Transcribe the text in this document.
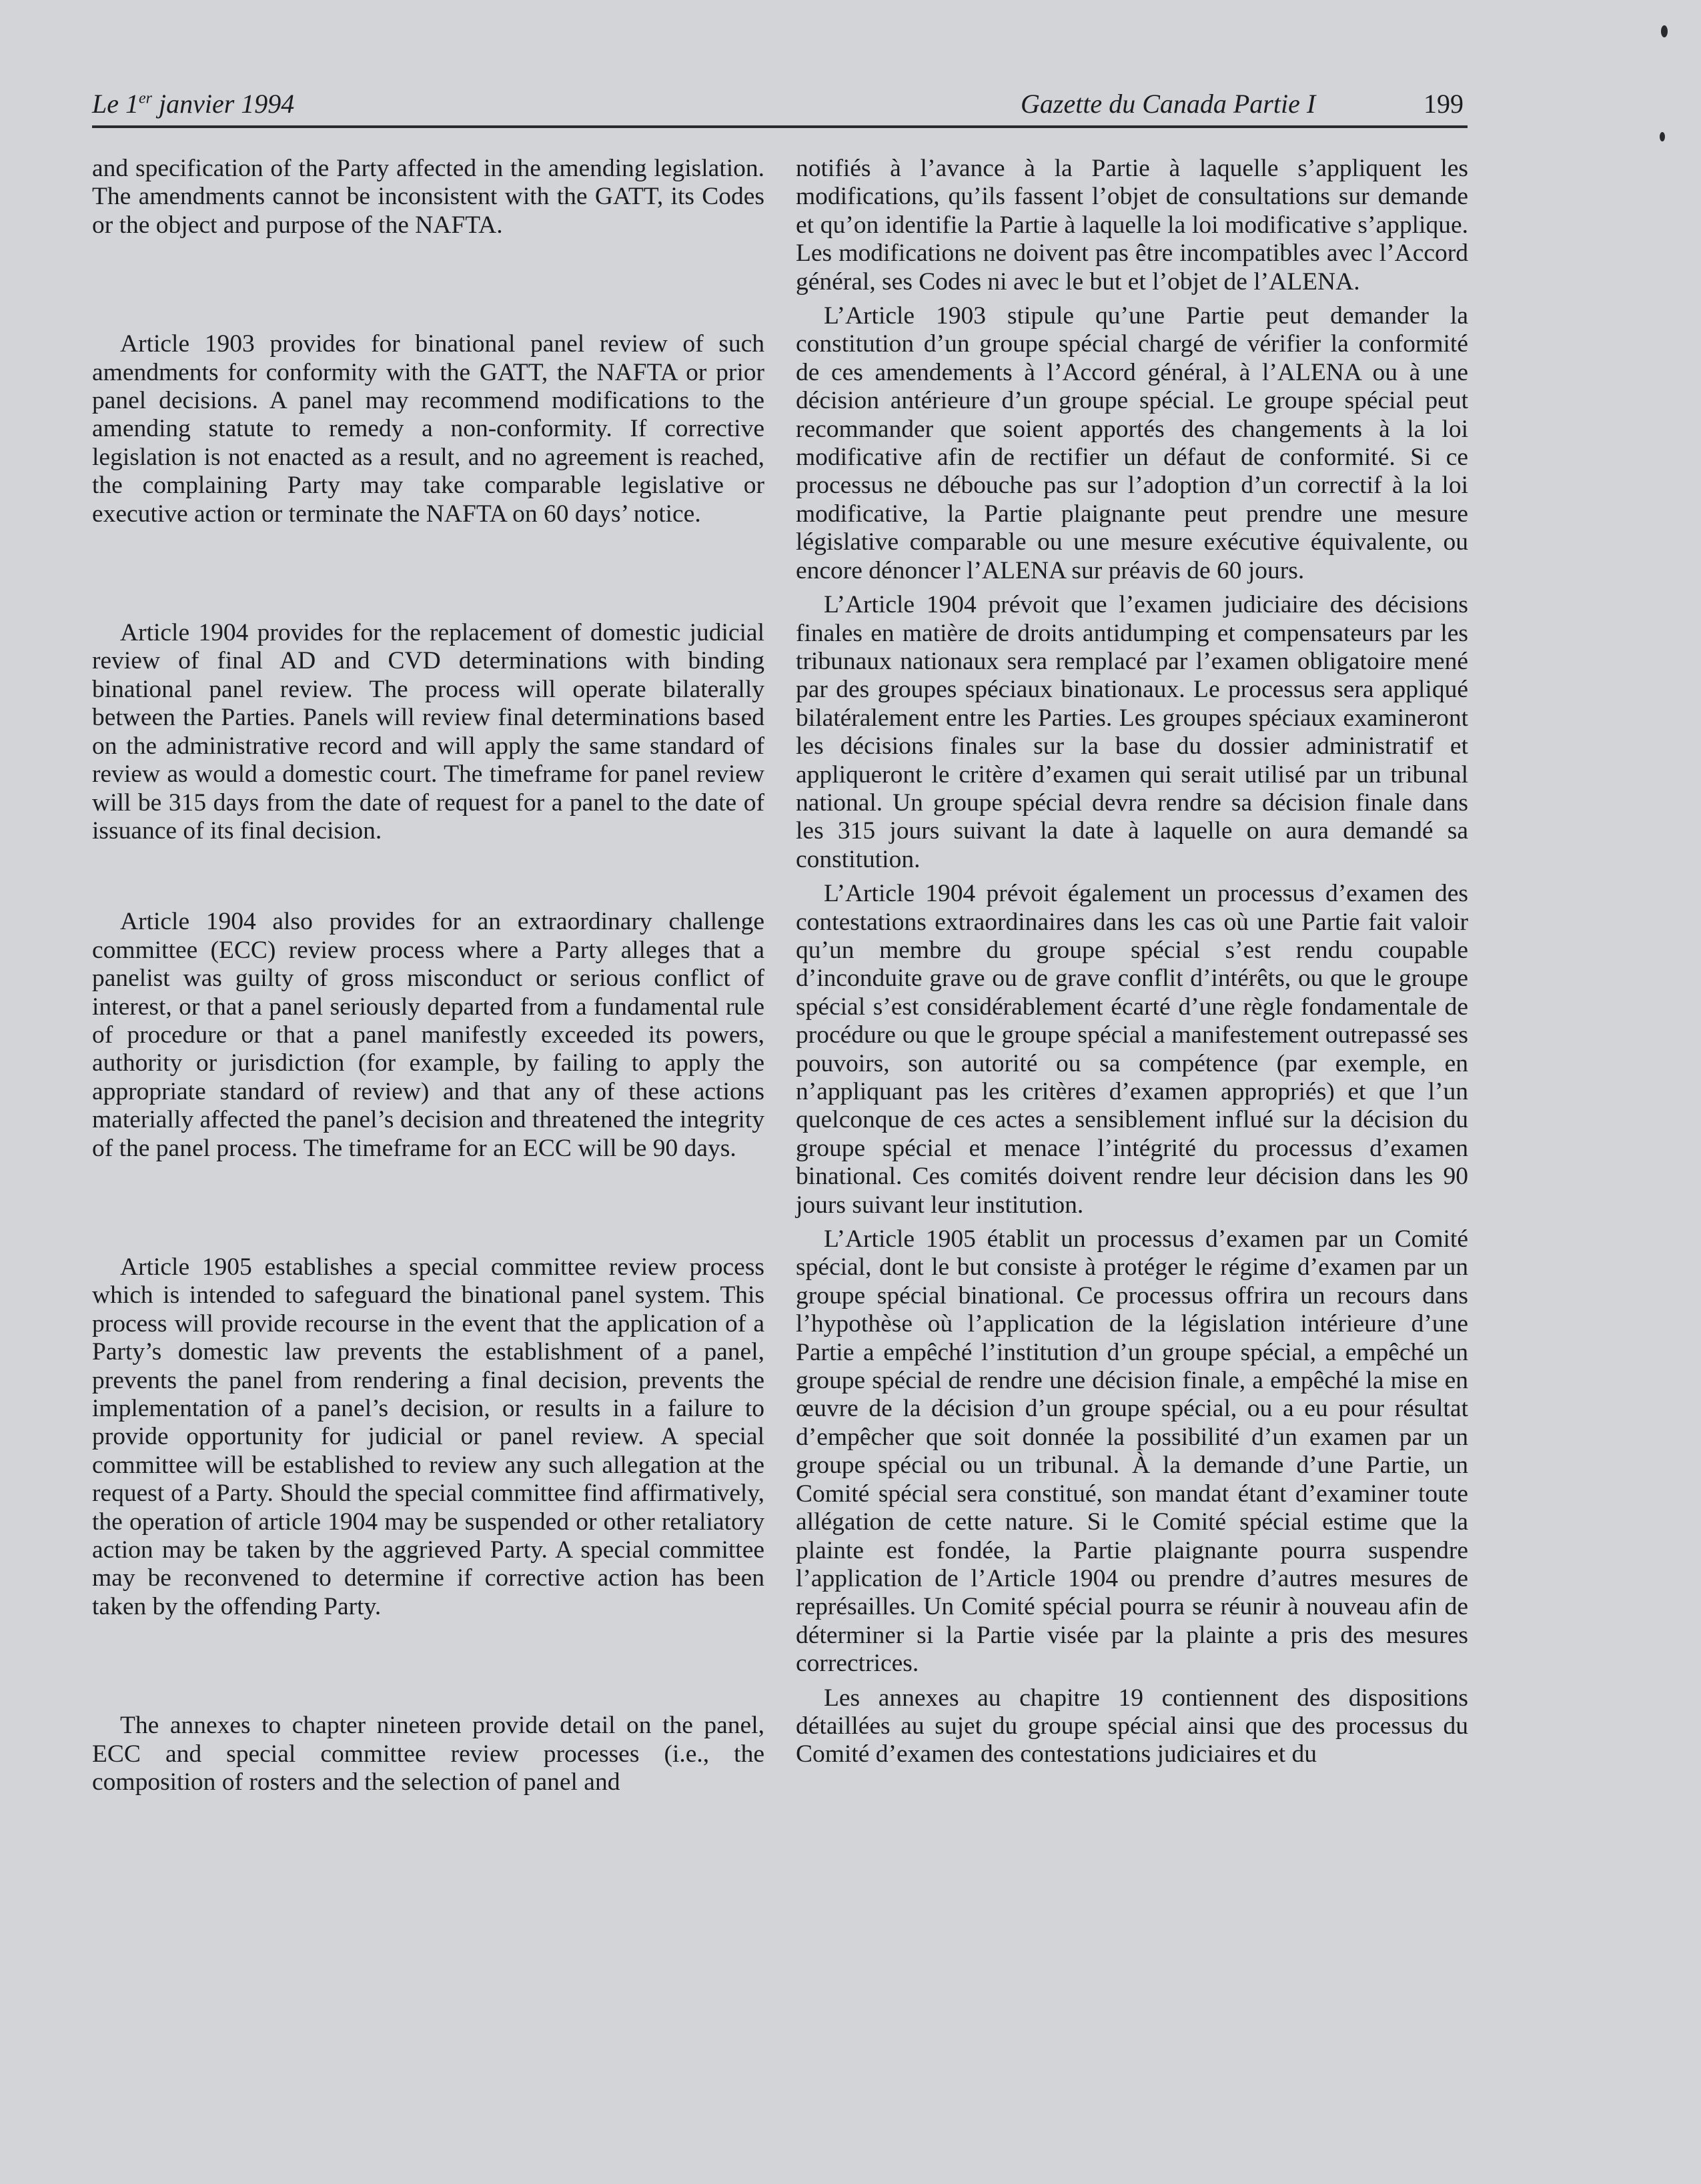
Le 1er janvier 1994	Gazette du Canada Partie I	199

and specification of the Party affected in the amending legislation. The amendments cannot be inconsistent with the GATT, its Codes or the object and purpose of the NAFTA.

Article 1903 provides for binational panel review of such amendments for conformity with the GATT, the NAFTA or prior panel decisions. A panel may recommend modifications to the amending statute to remedy a non-conformity. If corrective legislation is not enacted as a result, and no agreement is reached, the complaining Party may take comparable legislative or executive action or terminate the NAFTA on 60 days’ notice.

Article 1904 provides for the replacement of domestic judicial review of final AD and CVD determinations with binding binational panel review. The process will operate bilaterally between the Parties. Panels will review final determinations based on the administrative record and will apply the same standard of review as would a domestic court. The timeframe for panel review will be 315 days from the date of request for a panel to the date of issuance of its final decision.

Article 1904 also provides for an extraordinary challenge committee (ECC) review process where a Party alleges that a panelist was guilty of gross misconduct or serious conflict of interest, or that a panel seriously departed from a fundamental rule of procedure or that a panel manifestly exceeded its powers, authority or jurisdiction (for example, by failing to apply the appropriate standard of review) and that any of these actions materially affected the panel’s decision and threatened the integrity of the panel process. The timeframe for an ECC will be 90 days.

Article 1905 establishes a special committee review process which is intended to safeguard the binational panel system. This process will provide recourse in the event that the application of a Party’s domestic law prevents the establishment of a panel, prevents the panel from rendering a final decision, prevents the implementation of a panel’s decision, or results in a failure to provide opportunity for judicial or panel review. A special committee will be established to review any such allegation at the request of a Party. Should the special committee find affirmatively, the operation of article 1904 may be suspended or other retaliatory action may be taken by the aggrieved Party. A special committee may be reconvened to determine if corrective action has been taken by the offending Party.

The annexes to chapter nineteen provide detail on the panel, ECC and special committee review processes (i.e., the composition of rosters and the selection of panel and

notifiés à l’avance à la Partie à laquelle s’appliquent les modifications, qu’ils fassent l’objet de consultations sur demande et qu’on identifie la Partie à laquelle la loi modificative s’applique. Les modifications ne doivent pas être incompatibles avec l’Accord général, ses Codes ni avec le but et l’objet de l’ALENA.

L’Article 1903 stipule qu’une Partie peut demander la constitution d’un groupe spécial chargé de vérifier la conformité de ces amendements à l’Accord général, à l’ALENA ou à une décision antérieure d’un groupe spécial. Le groupe spécial peut recommander que soient apportés des changements à la loi modificative afin de rectifier un défaut de conformité. Si ce processus ne débouche pas sur l’adoption d’un correctif à la loi modificative, la Partie plaignante peut prendre une mesure législative comparable ou une mesure exécutive équivalente, ou encore dénoncer l’ALENA sur préavis de 60 jours.

L’Article 1904 prévoit que l’examen judiciaire des décisions finales en matière de droits antidumping et compensateurs par les tribunaux nationaux sera remplacé par l’examen obligatoire mené par des groupes spéciaux binationaux. Le processus sera appliqué bilatéralement entre les Parties. Les groupes spéciaux examineront les décisions finales sur la base du dossier administratif et appliqueront le critère d’examen qui serait utilisé par un tribunal national. Un groupe spécial devra rendre sa décision finale dans les 315 jours suivant la date à laquelle on aura demandé sa constitution.

L’Article 1904 prévoit également un processus d’examen des contestations extraordinaires dans les cas où une Partie fait valoir qu’un membre du groupe spécial s’est rendu coupable d’inconduite grave ou de grave conflit d’intérêts, ou que le groupe spécial s’est considérablement écarté d’une règle fondamentale de procédure ou que le groupe spécial a manifestement outrepassé ses pouvoirs, son autorité ou sa compétence (par exemple, en n’appliquant pas les critères d’examen appropriés) et que l’un quelconque de ces actes a sensiblement influé sur la décision du groupe spécial et menace l’intégrité du processus d’examen binational. Ces comités doivent rendre leur décision dans les 90 jours suivant leur institution.

L’Article 1905 établit un processus d’examen par un Comité spécial, dont le but consiste à protéger le régime d’examen par un groupe spécial binational. Ce processus offrira un recours dans l’hypothèse où l’application de la législation intérieure d’une Partie a empêché l’institution d’un groupe spécial, a empêché un groupe spécial de rendre une décision finale, a empêché la mise en œuvre de la décision d’un groupe spécial, ou a eu pour résultat d’empêcher que soit donnée la possibilité d’un examen par un groupe spécial ou un tribunal. À la demande d’une Partie, un Comité spécial sera constitué, son mandat étant d’examiner toute allégation de cette nature. Si le Comité spécial estime que la plainte est fondée, la Partie plaignante pourra suspendre l’application de l’Article 1904 ou prendre d’autres mesures de représailles. Un Comité spécial pourra se réunir à nouveau afin de déterminer si la Partie visée par la plainte a pris des mesures correctrices.

Les annexes au chapitre 19 contiennent des dispositions détaillées au sujet du groupe spécial ainsi que des processus du Comité d’examen des contestations judiciaires et du
